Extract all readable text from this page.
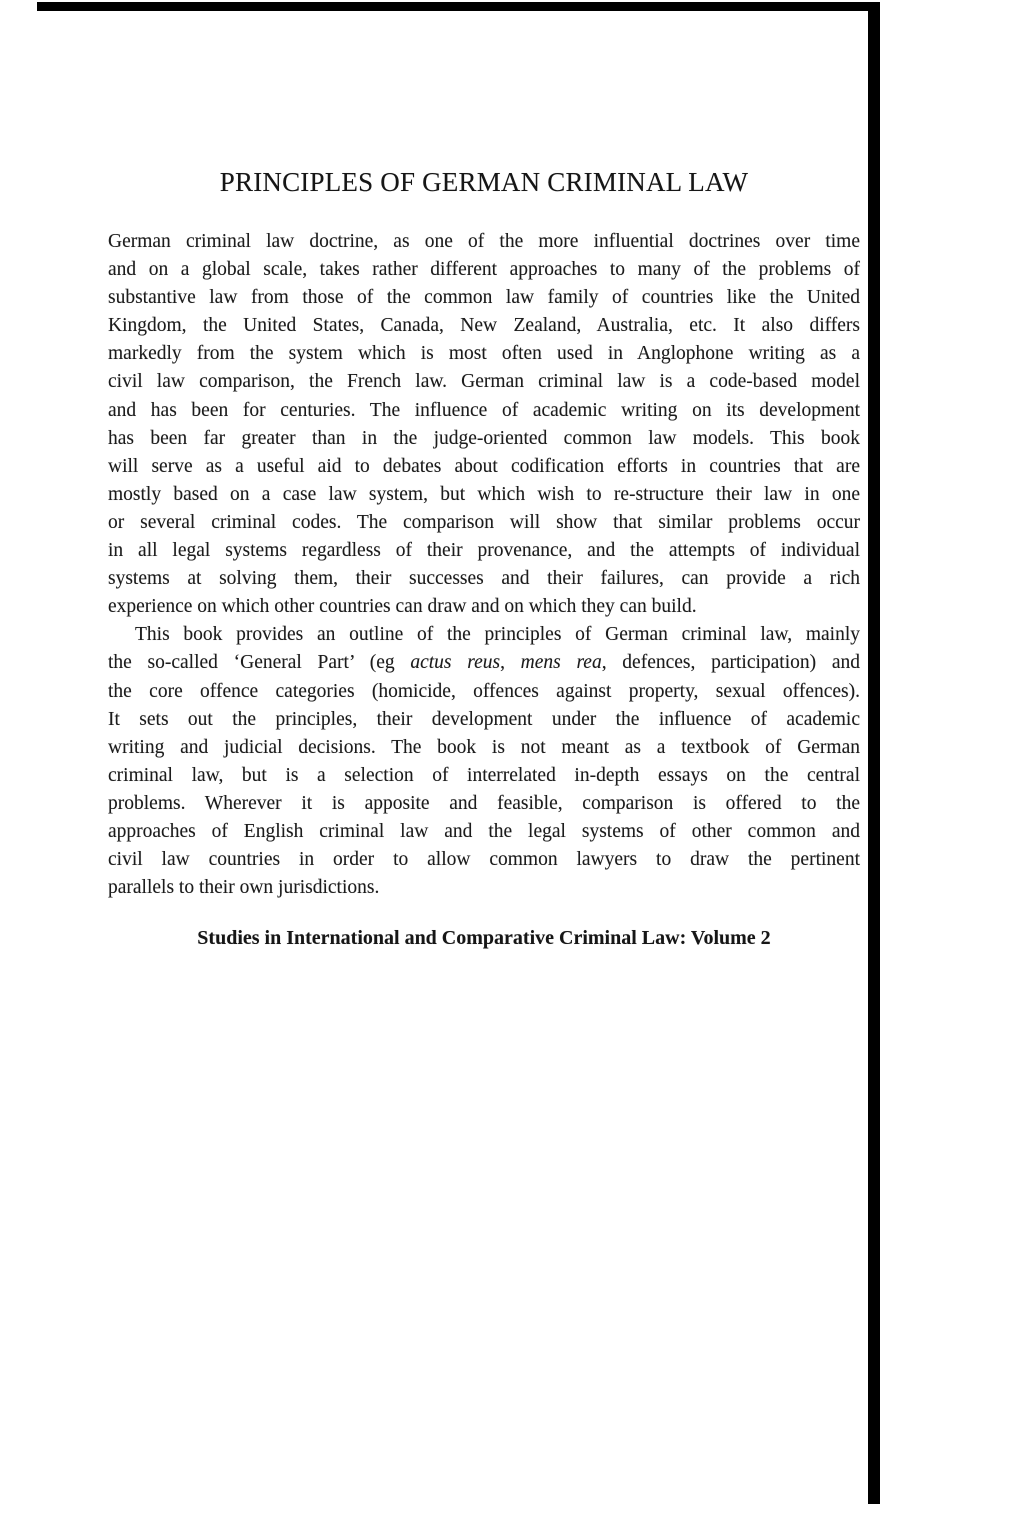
PRINCIPLES OF GERMAN CRIMINAL LAW
German criminal law doctrine, as one of the more influential doctrines over time
and on a global scale, takes rather different approaches to many of the problems of
substantive law from those of the common law family of countries like the United
Kingdom, the United States, Canada, New Zealand, Australia, etc. It also differs
markedly from the system which is most often used in Anglophone writing as a
civil law comparison, the French law. German criminal law is a code-based model
and has been for centuries. The influence of academic writing on its development
has been far greater than in the judge-oriented common law models. This book
will serve as a useful aid to debates about codification efforts in countries that are
mostly based on a case law system, but which wish to re-structure their law in one
or several criminal codes. The comparison will show that similar problems occur
in all legal systems regardless of their provenance, and the attempts of individual
systems at solving them, their successes and their failures, can provide a rich
experience on which other countries can draw and on which they can build.
This book provides an outline of the principles of German criminal law, mainly
the so-called ‘General Part’ (eg actus reus, mens rea, defences, participation) and
the core offence categories (homicide, offences against property, sexual offences).
It sets out the principles, their development under the influence of academic
writing and judicial decisions. The book is not meant as a textbook of German
criminal law, but is a selection of interrelated in-depth essays on the central
problems. Wherever it is apposite and feasible, comparison is offered to the
approaches of English criminal law and the legal systems of other common and
civil law countries in order to allow common lawyers to draw the pertinent
parallels to their own jurisdictions.
Studies in International and Comparative Criminal Law: Volume 2
